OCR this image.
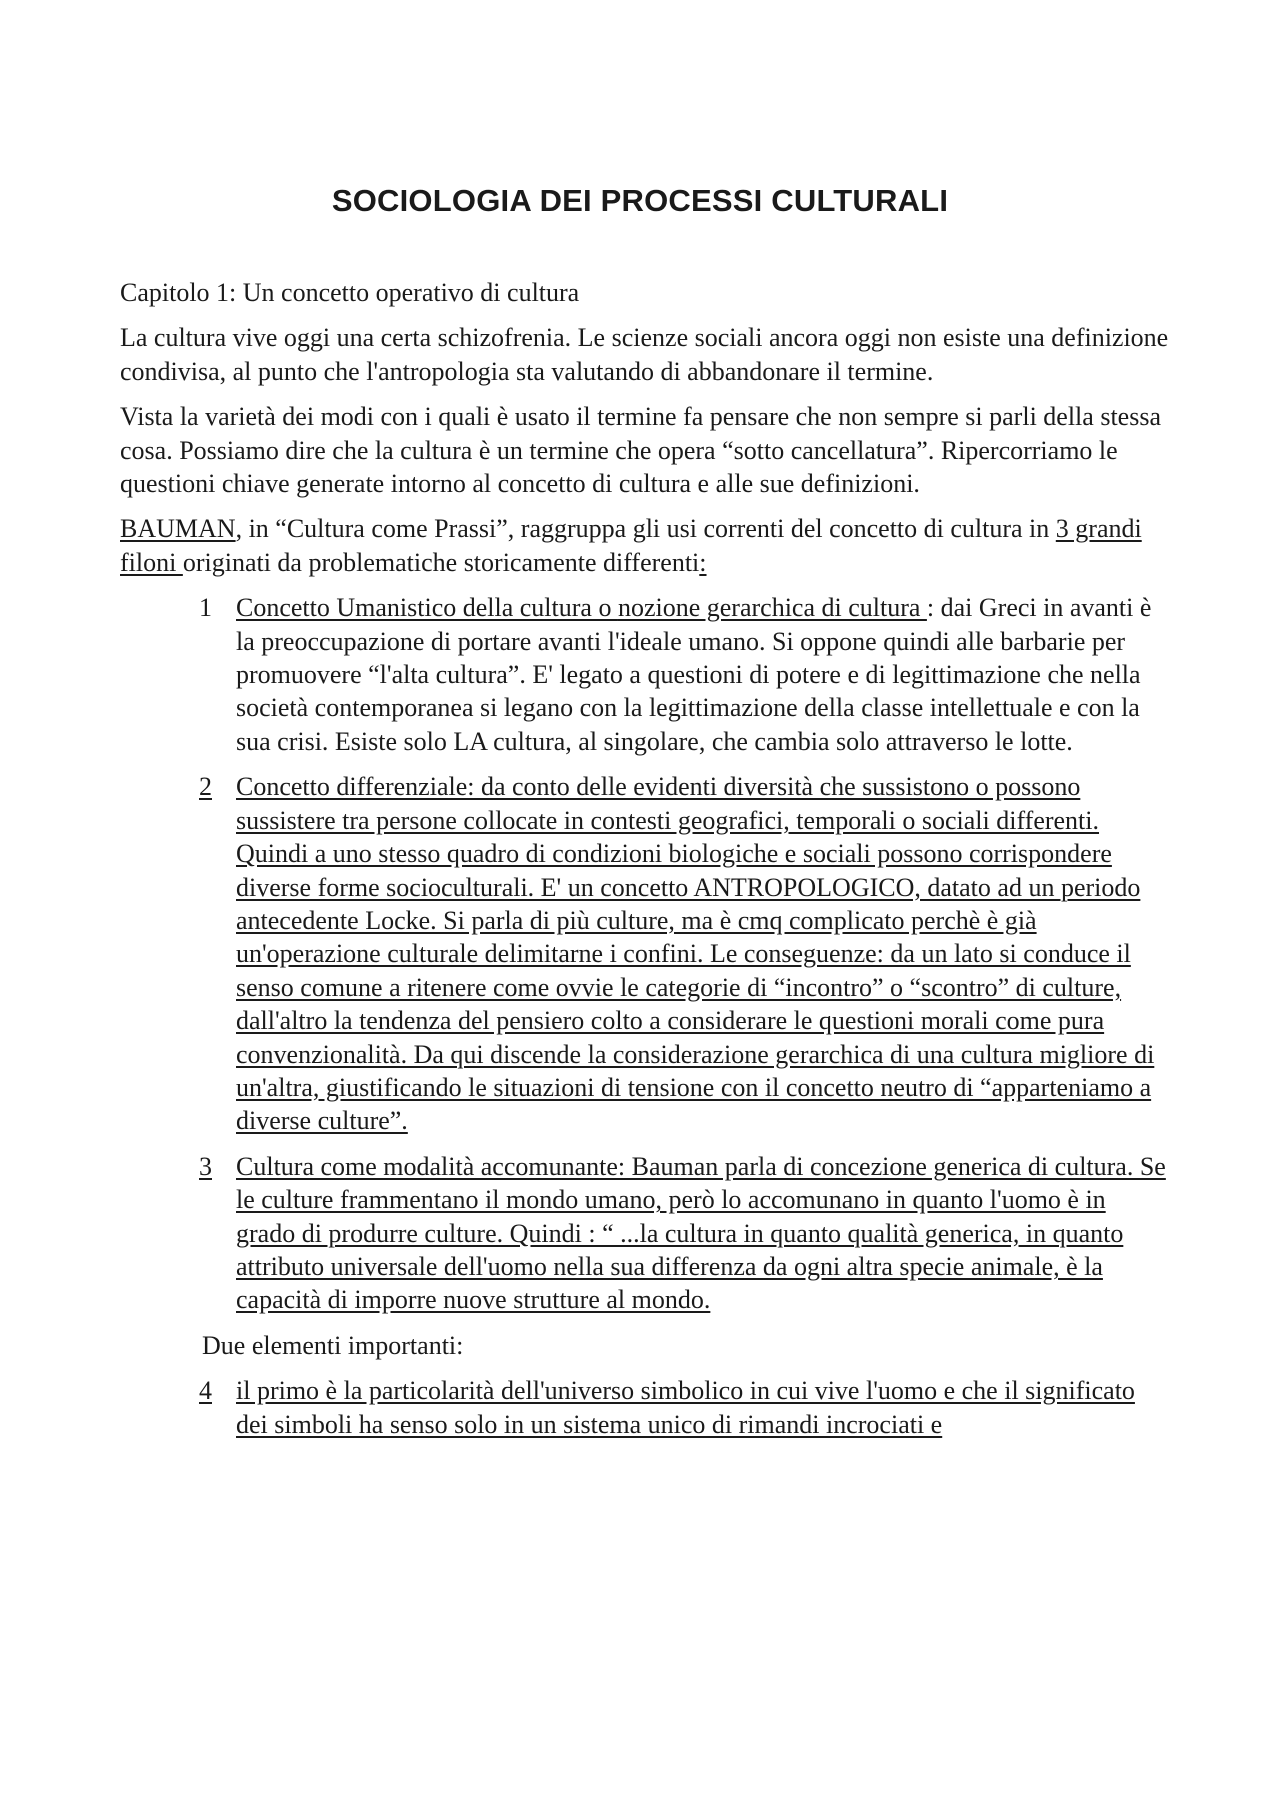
SOCIOLOGIA DEI PROCESSI CULTURALI

Capitolo 1: Un concetto operativo di cultura

La cultura vive oggi una certa schizofrenia. Le scienze sociali ancora oggi non esiste una definizione condivisa, al punto che l'antropologia sta valutando di abbandonare il termine.

Vista la varietà dei modi con i quali è usato il termine fa pensare che non sempre si parli della stessa cosa. Possiamo dire che la cultura è un termine che opera “sotto cancellatura”. Ripercorriamo le questioni chiave generate intorno al concetto di cultura e alle sue definizioni.

BAUMAN, in “Cultura come Prassi”, raggruppa gli usi correnti del concetto di cultura in 3 grandi filoni originati da problematiche storicamente differenti:

1 Concetto Umanistico della cultura o nozione gerarchica di cultura : dai Greci in avanti è la preoccupazione di portare avanti l'ideale umano. Si oppone quindi alle barbarie per promuovere “l'alta cultura”. E' legato a questioni di potere e di legittimazione che nella società contemporanea si legano con la legittimazione della classe intellettuale e con la sua crisi. Esiste solo LA cultura, al singolare, che cambia solo attraverso le lotte.
2 Concetto differenziale: da conto delle evidenti diversità che sussistono o possono sussistere tra persone collocate in contesti geografici, temporali o sociali differenti. Quindi a uno stesso quadro di condizioni biologiche e sociali possono corrispondere diverse forme socioculturali. E' un concetto ANTROPOLOGICO, datato ad un periodo antecedente Locke. Si parla di più culture, ma è cmq complicato perchè è già un'operazione culturale delimitarne i confini. Le conseguenze: da un lato si conduce il senso comune a ritenere come ovvie le categorie di “incontro” o “scontro” di culture, dall'altro la tendenza del pensiero colto a considerare le questioni morali come pura convenzionalità. Da qui discende la considerazione gerarchica di una cultura migliore di un'altra, giustificando le situazioni di tensione con il concetto neutro di “apparteniamo a diverse culture”.
3 Cultura come modalità accomunante: Bauman parla di concezione generica di cultura. Se le culture frammentano il mondo umano, però lo accomunano in quanto l'uomo è in grado di produrre culture. Quindi : “ ...la cultura in quanto qualità generica, in quanto attributo universale dell'uomo nella sua differenza da ogni altra specie animale, è la capacità di imporre nuove strutture al mondo.

Due elementi importanti:

4 il primo è la particolarità dell'universo simbolico in cui vive l'uomo e che il significato dei simboli ha senso solo in un sistema unico di rimandi incrociati e
